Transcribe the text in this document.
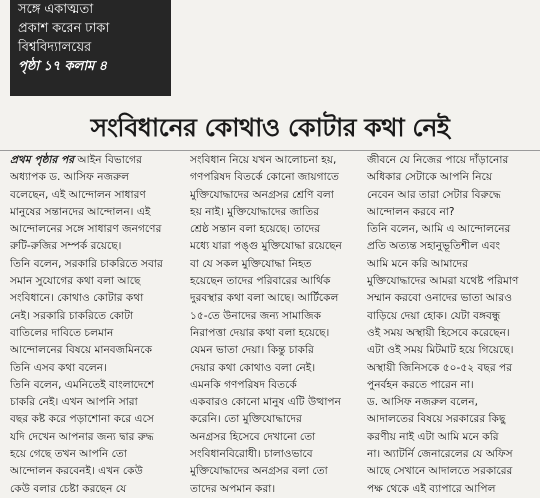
সঙ্গে একাত্মতা
প্রকাশ করেন ঢাকা
বিশ্ববিদ্যালয়ের
পৃষ্ঠা ১৭ কলাম ৪
সংবিধানের কোথাও কোটার কথা নেই
প্রথম পৃষ্ঠার পর আইন বিভাগের
অধ্যাপক ড. আসিফ নজরুল
বলেছেন, এই আন্দোলন সাধারণ
মানুষের সন্তানদের আন্দোলন। এই
আন্দোলনের সঙ্গে সাধারণ জনগণের
রুটি-রুজির সম্পর্ক রয়েছে।
তিনি বলেন, সরকারি চাকরিতে সবার
সমান সুযোগের কথা বলা আছে
সংবিধানে। কোথাও কোটার কথা
নেই। সরকারি চাকরিতে কোটা
বাতিলের দাবিতে চলমান
আন্দোলনের বিষয়ে মানবজমিনকে
তিনি এসব কথা বলেন।
তিনি বলেন, এমনিতেই বাংলাদেশে
চাকরি নেই। এখন আপনি সারা
বছর কষ্ট করে পড়াশোনা করে এসে
যদি দেখেন আপনার জন্য দ্বার রুদ্ধ
হয়ে গেছে তখন আপনি তো
আন্দোলন করবেনই। এখন কেউ
কেউ বলার চেষ্টা করছেন যে
সংবিধান নিয়ে যখন আলোচনা হয়,
গণপরিষদ বিতর্কে কোনো জায়গাতে
মুক্তিযোদ্ধাদের অনগ্রসর শ্রেণি বলা
হয় নাই। মুক্তিযোদ্ধাদের জাতির
শ্রেষ্ঠ সন্তান বলা হয়েছে। তাদের
মধ্যে যারা পঙ্গু মুক্তিযোদ্ধা রয়েছেন
বা যে সকল মুক্তিযোদ্ধা নিহত
হয়েছেন তাদের পরিবারের আর্থিক
দুরবস্থার কথা বলা আছে। আর্টিকেল
১৫-তে উনাদের জন্য সামাজিক
নিরাপত্তা দেয়ার কথা বলা হয়েছে।
যেমন ভাতা দেয়া। কিন্তু চাকরি
দেয়ার কথা কোথাও বলা নেই।
এমনকি গণপরিষদ বিতর্কে
একবারও কোনো মানুষ এটি উত্থাপন
করেনি। তো মুক্তিযোদ্ধাদের
অনগ্রসর হিসেবে দেখানো তো
সংবিধানবিরোধী। চালাওভাবে
মুক্তিযোদ্ধাদের অনগ্রসর বলা তো
তাদের অপমান করা।
জীবনে যে নিজের পায়ে দাঁড়ানোর
অধিকার সেটাকে আপনি নিয়ে
নেবেন আর তারা সেটার বিরুদ্ধে
আন্দোলন করবে না?
তিনি বলেন, আমি এ আন্দোলনের
প্রতি অত্যন্ত সহানুভূতিশীল এবং
আমি মনে করি আমাদের
মুক্তিযোদ্ধাদের আমরা যথেষ্ট পরিমাণ
সম্মান করবো ওনাদের ভাতা আরও
বাড়িয়ে দেয়া হোক। যেটা বঙ্গবন্ধু
ওই সময় অস্থায়ী হিসেবে করেছেন।
এটা ওই সময় মিটমাট হয়ে গিয়েছে।
অস্থায়ী জিনিসকে ৫০-৫২ বছর পর
পুনর্বহন করতে পারেন না।
ড. আসিফ নজরুল বলেন,
আদালতের বিষয়ে সরকারের কিছু
করণীয় নাই এটা আমি মনে করি
না। অ্যাটর্নি জেনারেলের যে অফিস
আছে সেখানে আদালতে সরকারের
পক্ষ থেকে এই ব্যাপারে আপিল
